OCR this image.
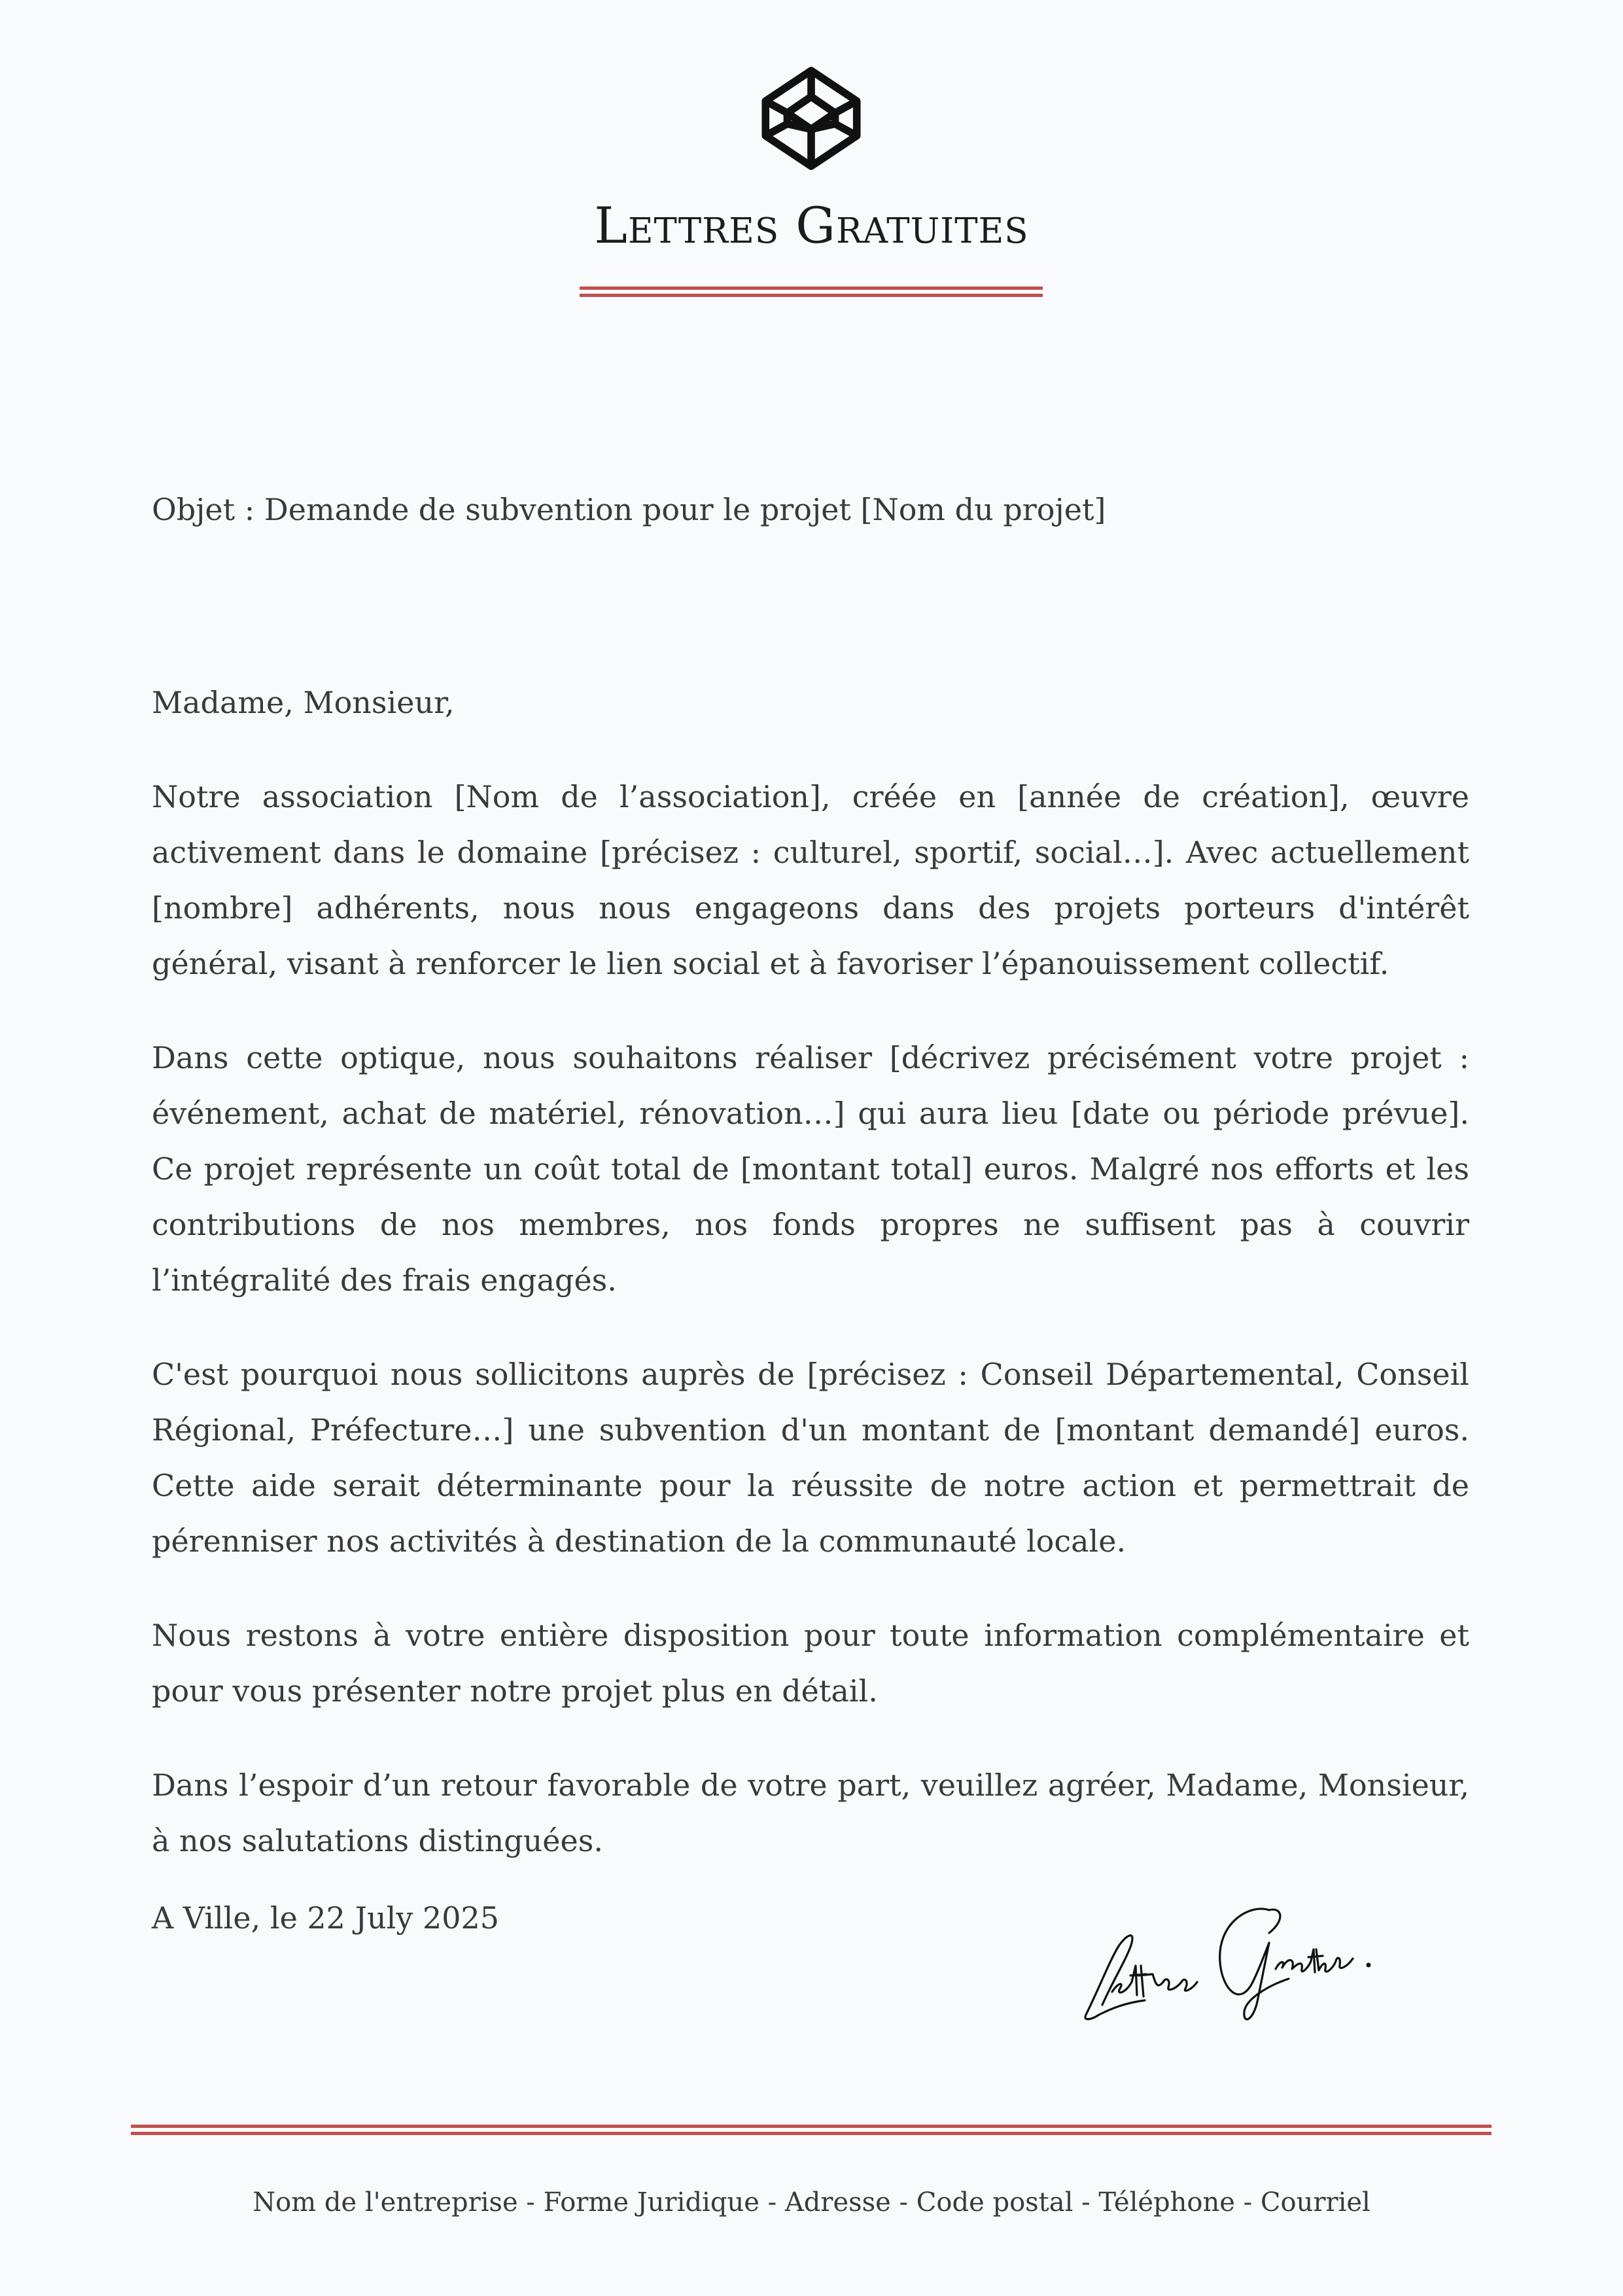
Lettres Gratuites
Objet : Demande de subvention pour le projet [Nom du projet]

Madame, Monsieur,

Notre association [Nom de l’association], créée en [année de création], œuvre activement dans le domaine [précisez : culturel, sportif, social…]. Avec actuellement [nombre] adhérents, nous nous engageons dans des projets porteurs d'intérêt général, visant à renforcer le lien social et à favoriser l’épanouissement collectif.

Dans cette optique, nous souhaitons réaliser [décrivez précisément votre projet : événement, achat de matériel, rénovation…] qui aura lieu [date ou période prévue]. Ce projet représente un coût total de [montant total] euros. Malgré nos efforts et les contributions de nos membres, nos fonds propres ne suffisent pas à couvrir l’intégralité des frais engagés.

C'est pourquoi nous sollicitons auprès de [précisez : Conseil Départemental, Conseil Régional, Préfecture…] une subvention d'un montant de [montant demandé] euros. Cette aide serait déterminante pour la réussite de notre action et permettrait de pérenniser nos activités à destination de la communauté locale.

Nous restons à votre entière disposition pour toute information complémentaire et pour vous présenter notre projet plus en détail.

Dans l’espoir d’un retour favorable de votre part, veuillez agréer, Madame, Monsieur, à nos salutations distinguées.

A Ville, le 22 July 2025
Nom de l'entreprise - Forme Juridique - Adresse - Code postal - Téléphone - Courriel
